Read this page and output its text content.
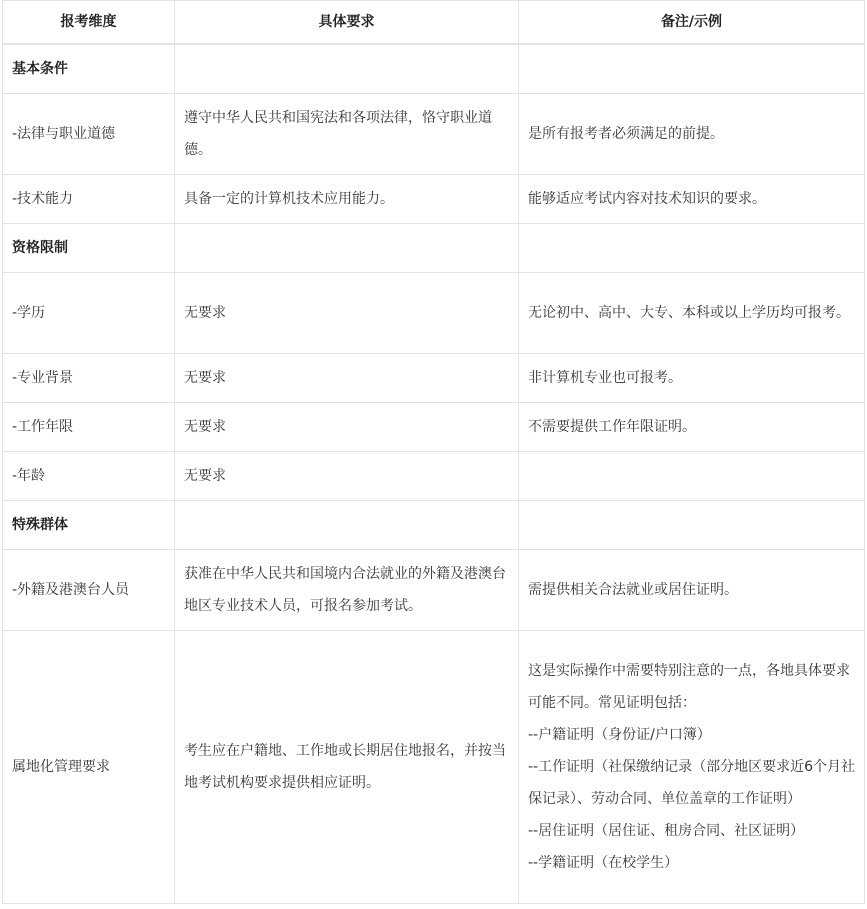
报考维度	具体要求	备注/示例
基本条件		
-法律与职业道德	遵守中华人民共和国宪法和各项法律，恪守职业道德。	是所有报考者必须满足的前提。
-技术能力	具备一定的计算机技术应用能力。	能够适应考试内容对技术知识的要求。
资格限制		
-学历	无要求	无论初中、高中、大专、本科或以上学历均可报考。
-专业背景	无要求	非计算机专业也可报考。
-工作年限	无要求	不需要提供工作年限证明。
-年龄	无要求	
特殊群体		
-外籍及港澳台人员	获准在中华人民共和国境内合法就业的外籍及港澳台地区专业技术人员，可报名参加考试。	需提供相关合法就业或居住证明。
属地化管理要求	考生应在户籍地、工作地或长期居住地报名，并按当地考试机构要求提供相应证明。	这是实际操作中需要特别注意的一点，各地具体要求可能不同。常见证明包括：
--户籍证明（身份证/户口簿）
--工作证明（社保缴纳记录（部分地区要求近6个月社保记录）、劳动合同、单位盖章的工作证明）
--居住证明（居住证、租房合同、社区证明）
--学籍证明（在校学生）
